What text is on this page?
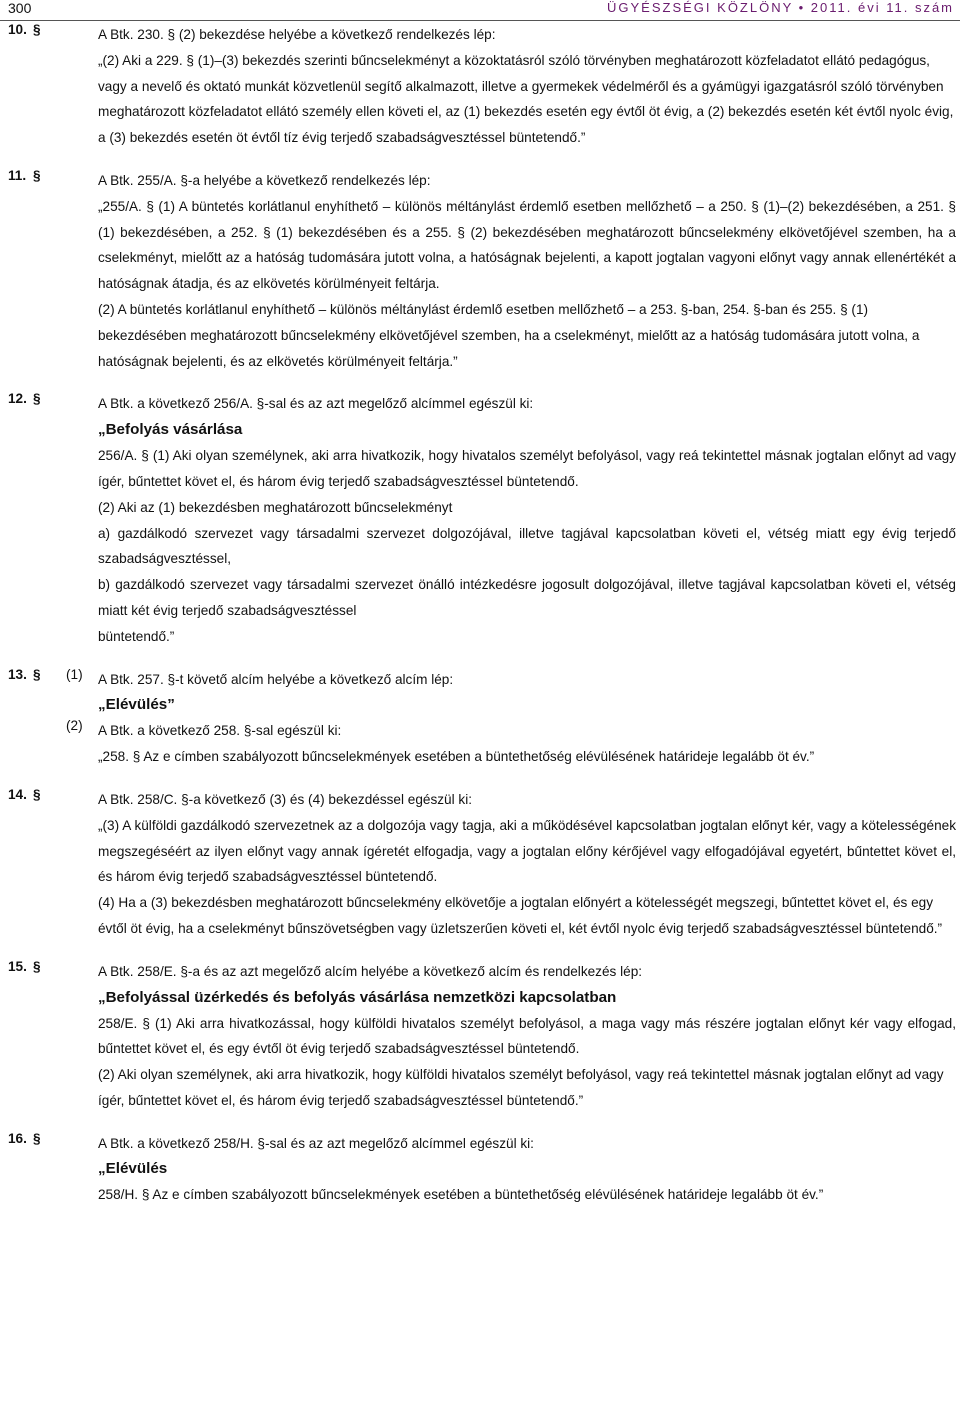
300	ÜGYÉSZSÉGI KÖZLÖNY • 2011. évi 11. szám
10. §	A Btk. 230. § (2) bekezdése helyébe a következő rendelkezés lép:

„(2) Aki a 229. § (1)–(3) bekezdés szerinti bűncselekményt a közoktatásról szóló törvényben meghatározott közfeladatot ellátó pedagógus, vagy a nevelő és oktató munkát közvetlenül segítő alkalmazott, illetve a gyermekek védelméről és a gyámügyi igazgatásról szóló törvényben meghatározott közfeladatot ellátó személy ellen követi el, az (1) bekezdés esetén egy évtől öt évig, a (2) bekezdés esetén két évtől nyolc évig, a (3) bekezdés esetén öt évtől tíz évig terjedő szabadságvesztéssel büntetendő.”

11. §	A Btk. 255/A. §-a helyébe a következő rendelkezés lép:

„255/A. § (1) A büntetés korlátlanul enyhíthető – különös méltánylást érdemlő esetben mellőzhető – a 250. § (1)–(2) bekezdésében, a 251. § (1) bekezdésében, a 252. § (1) bekezdésében és a 255. § (2) bekezdésében meghatározott bűncselekmény elkövetőjével szemben, ha a cselekményt, mielőtt az a hatóság tudomására jutott volna, a hatóságnak bejelenti, a kapott jogtalan vagyoni előnyt vagy annak ellenértékét a hatóságnak átadja, és az elkövetés körülményeit feltárja.

(2) A büntetés korlátlanul enyhíthető – különös méltánylást érdemlő esetben mellőzhető – a 253. §-ban, 254. §-ban és 255. § (1) bekezdésében meghatározott bűncselekmény elkövetőjével szemben, ha a cselekményt, mielőtt az a hatóság tudomására jutott volna, a hatóságnak bejelenti, és az elkövetés körülményeit feltárja.”

12. §	A Btk. a következő 256/A. §-sal és az azt megelőző alcímmel egészül ki:

„Befolyás vásárlása

256/A. § (1) Aki olyan személynek, aki arra hivatkozik, hogy hivatalos személyt befolyásol, vagy reá tekintettel másnak jogtalan előnyt ad vagy ígér, bűntettet követ el, és három évig terjedő szabadságvesztéssel büntetendő.

(2) Aki az (1) bekezdésben meghatározott bűncselekményt

a) gazdálkodó szervezet vagy társadalmi szervezet dolgozójával, illetve tagjával kapcsolatban követi el, vétség miatt egy évig terjedő szabadságvesztéssel,

b) gazdálkodó szervezet vagy társadalmi szervezet önálló intézkedésre jogosult dolgozójával, illetve tagjával kapcsolatban követi el, vétség miatt két évig terjedő szabadságvesztéssel

büntetendő.”

13. § (1) A Btk. 257. §-t követő alcím helyébe a következő alcím lép:

„Elévülés”

(2) A Btk. a következő 258. §-sal egészül ki:

„258. § Az e címben szabályozott bűncselekmények esetében a büntethetőség elévülésének határideje legalább öt év.”

14. §	A Btk. 258/C. §-a következő (3) és (4) bekezdéssel egészül ki:

„(3) A külföldi gazdálkodó szervezetnek az a dolgozója vagy tagja, aki a működésével kapcsolatban jogtalan előnyt kér, vagy a kötelességének megszegéséért az ilyen előnyt vagy annak ígéretét elfogadja, vagy a jogtalan előny kérőjével vagy elfogadójával egyetért, bűntettet követ el, és három évig terjedő szabadságvesztéssel büntetendő.

(4) Ha a (3) bekezdésben meghatározott bűncselekmény elkövetője a jogtalan előnyért a kötelességét megszegi, bűntettet követ el, és egy évtől öt évig, ha a cselekményt bűnszövetségben vagy üzletszerűen követi el, két évtől nyolc évig terjedő szabadságvesztéssel büntetendő.”

15. §	A Btk. 258/E. §-a és az azt megelőző alcím helyébe a következő alcím és rendelkezés lép:

„Befolyással üzérkedés és befolyás vásárlása nemzetközi kapcsolatban

258/E. § (1) Aki arra hivatkozással, hogy külföldi hivatalos személyt befolyásol, a maga vagy más részére jogtalan előnyt kér vagy elfogad, bűntettet követ el, és egy évtől öt évig terjedő szabadságvesztéssel büntetendő.

(2) Aki olyan személynek, aki arra hivatkozik, hogy külföldi hivatalos személyt befolyásol, vagy reá tekintettel másnak jogtalan előnyt ad vagy ígér, bűntettet követ el, és három évig terjedő szabadságvesztéssel büntetendő.”

16. §	A Btk. a következő 258/H. §-sal és az azt megelőző alcímmel egészül ki:

„Elévülés

258/H. § Az e címben szabályozott bűncselekmények esetében a büntethetőség elévülésének határideje legalább öt év.”
